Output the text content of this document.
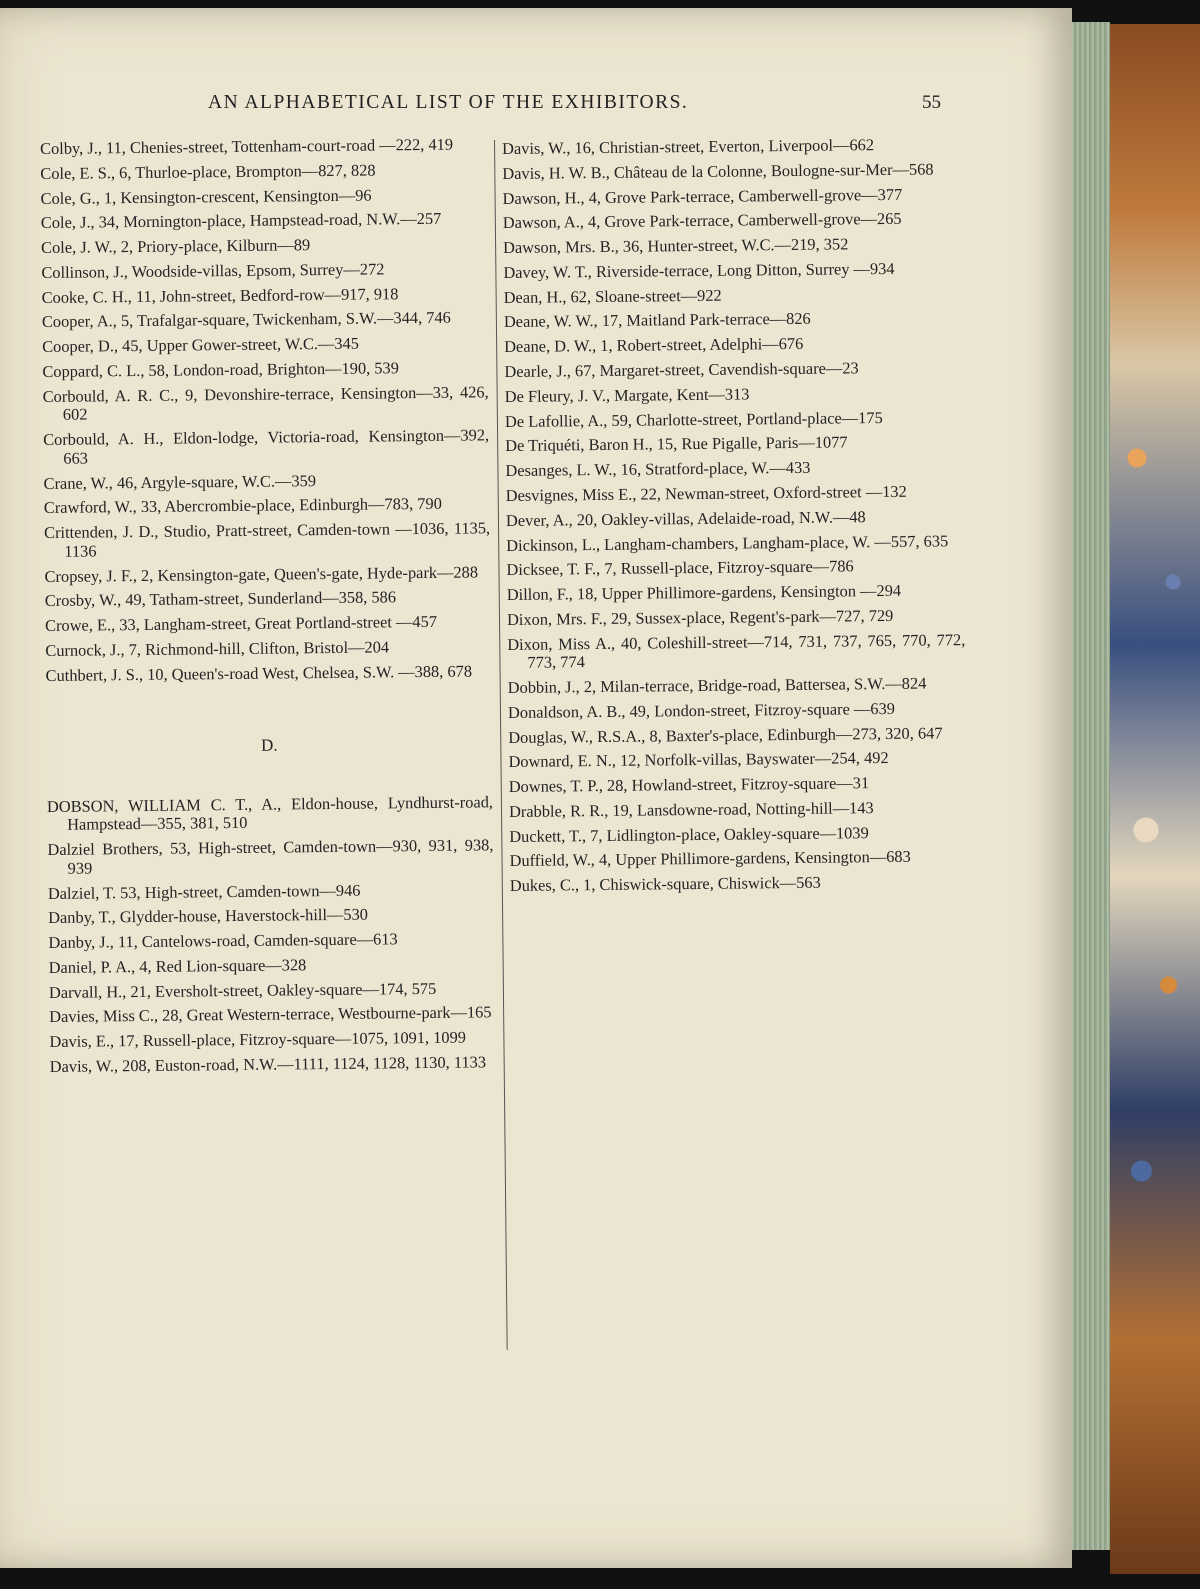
AN ALPHABETICAL LIST OF THE EXHIBITORS.	55
Colby, J., 11, Chenies-street, Tottenham-court-road —222, 419
Cole, E. S., 6, Thurloe-place, Brompton—827, 828
Cole, G., 1, Kensington-crescent, Kensington—96
Cole, J., 34, Mornington-place, Hampstead-road, N.W.—257
Cole, J. W., 2, Priory-place, Kilburn—89
Collinson, J., Woodside-villas, Epsom, Surrey—272
Cooke, C. H., 11, John-street, Bedford-row—917, 918
Cooper, A., 5, Trafalgar-square, Twickenham, S.W.—344, 746
Cooper, D., 45, Upper Gower-street, W.C.—345
Coppard, C. L., 58, London-road, Brighton—190, 539
Corbould, A. R. C., 9, Devonshire-terrace, Kensington—33, 426, 602
Corbould, A. H., Eldon-lodge, Victoria-road, Kensington—392, 663
Crane, W., 46, Argyle-square, W.C.—359
Crawford, W., 33, Abercrombie-place, Edinburgh—783, 790
Crittenden, J. D., Studio, Pratt-street, Camden-town —1036, 1135, 1136
Cropsey, J. F., 2, Kensington-gate, Queen's-gate, Hyde-park—288
Crosby, W., 49, Tatham-street, Sunderland—358, 586
Crowe, E., 33, Langham-street, Great Portland-street —457
Curnock, J., 7, Richmond-hill, Clifton, Bristol—204
Cuthbert, J. S., 10, Queen's-road West, Chelsea, S.W. —388, 678
D.
DOBSON, WILLIAM C. T., A., Eldon-house, Lyndhurst-road, Hampstead—355, 381, 510
Dalziel Brothers, 53, High-street, Camden-town—930, 931, 938, 939
Dalziel, T. 53, High-street, Camden-town—946
Danby, T., Glydder-house, Haverstock-hill—530
Danby, J., 11, Cantelows-road, Camden-square—613
Daniel, P. A., 4, Red Lion-square—328
Darvall, H., 21, Eversholt-street, Oakley-square—174, 575
Davies, Miss C., 28, Great Western-terrace, Westbourne-park—165
Davis, E., 17, Russell-place, Fitzroy-square—1075, 1091, 1099
Davis, W., 208, Euston-road, N.W.—1111, 1124, 1128, 1130, 1133
Davis, W., 16, Christian-street, Everton, Liverpool—662
Davis, H. W. B., Château de la Colonne, Boulogne-sur-Mer—568
Dawson, H., 4, Grove Park-terrace, Camberwell-grove—377
Dawson, A., 4, Grove Park-terrace, Camberwell-grove—265
Dawson, Mrs. B., 36, Hunter-street, W.C.—219, 352
Davey, W. T., Riverside-terrace, Long Ditton, Surrey —934
Dean, H., 62, Sloane-street—922
Deane, W. W., 17, Maitland Park-terrace—826
Deane, D. W., 1, Robert-street, Adelphi—676
Dearle, J., 67, Margaret-street, Cavendish-square—23
De Fleury, J. V., Margate, Kent—313
De Lafollie, A., 59, Charlotte-street, Portland-place—175
De Triquéti, Baron H., 15, Rue Pigalle, Paris—1077
Desanges, L. W., 16, Stratford-place, W.—433
Desvignes, Miss E., 22, Newman-street, Oxford-street —132
Dever, A., 20, Oakley-villas, Adelaide-road, N.W.—48
Dickinson, L., Langham-chambers, Langham-place, W. —557, 635
Dicksee, T. F., 7, Russell-place, Fitzroy-square—786
Dillon, F., 18, Upper Phillimore-gardens, Kensington —294
Dixon, Mrs. F., 29, Sussex-place, Regent's-park—727, 729
Dixon, Miss A., 40, Coleshill-street—714, 731, 737, 765, 770, 772, 773, 774
Dobbin, J., 2, Milan-terrace, Bridge-road, Battersea, S.W.—824
Donaldson, A. B., 49, London-street, Fitzroy-square —639
Douglas, W., R.S.A., 8, Baxter's-place, Edinburgh—273, 320, 647
Downard, E. N., 12, Norfolk-villas, Bayswater—254, 492
Downes, T. P., 28, Howland-street, Fitzroy-square—31
Drabble, R. R., 19, Lansdowne-road, Notting-hill—143
Duckett, T., 7, Lidlington-place, Oakley-square—1039
Duffield, W., 4, Upper Phillimore-gardens, Kensington—683
Dukes, C., 1, Chiswick-square, Chiswick—563
